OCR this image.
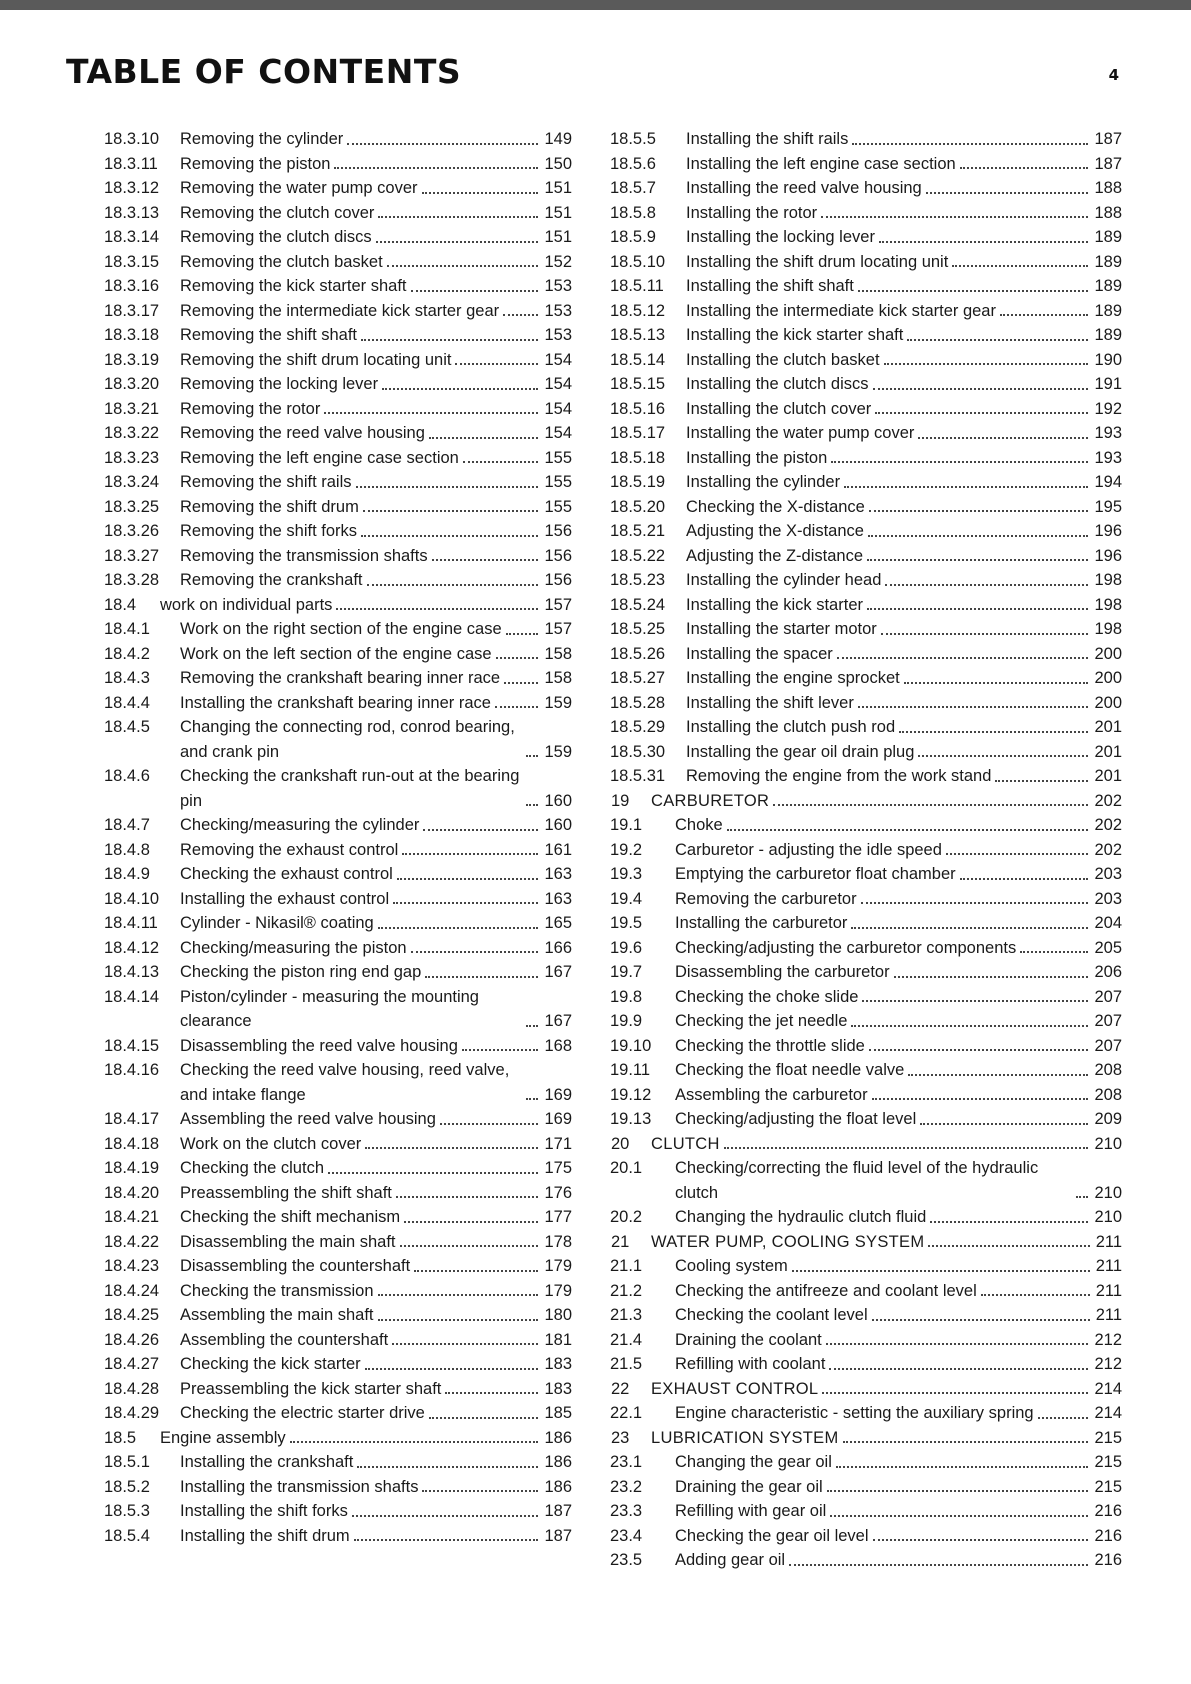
TABLE OF CONTENTS	4
18.3.10 Removing the cylinder	149
18.3.11 Removing the piston	150
18.3.12 Removing the water pump cover	151
18.3.13 Removing the clutch cover	151
18.3.14 Removing the clutch discs	151
18.3.15 Removing the clutch basket	152
18.3.16 Removing the kick starter shaft	153
18.3.17 Removing the intermediate kick starter gear	153
18.3.18 Removing the shift shaft	153
18.3.19 Removing the shift drum locating unit	154
18.3.20 Removing the locking lever	154
18.3.21 Removing the rotor	154
18.3.22 Removing the reed valve housing	154
18.3.23 Removing the left engine case section	155
18.3.24 Removing the shift rails	155
18.3.25 Removing the shift drum	155
18.3.26 Removing the shift forks	156
18.3.27 Removing the transmission shafts	156
18.3.28 Removing the crankshaft	156
18.4 work on individual parts	157
18.4.1 Work on the right section of the engine case	157
18.4.2 Work on the left section of the engine case	158
18.4.3 Removing the crankshaft bearing inner race	158
18.4.4 Installing the crankshaft bearing inner race	159
18.4.5 Changing the connecting rod, conrod bearing, and crank pin	159
18.4.6 Checking the crankshaft run-out at the bearing pin	160
18.4.7 Checking/measuring the cylinder	160
18.4.8 Removing the exhaust control	161
18.4.9 Checking the exhaust control	163
18.4.10 Installing the exhaust control	163
18.4.11 Cylinder - Nikasil® coating	165
18.4.12 Checking/measuring the piston	166
18.4.13 Checking the piston ring end gap	167
18.4.14 Piston/cylinder - measuring the mounting clearance	167
18.4.15 Disassembling the reed valve housing	168
18.4.16 Checking the reed valve housing, reed valve, and intake flange	169
18.4.17 Assembling the reed valve housing	169
18.4.18 Work on the clutch cover	171
18.4.19 Checking the clutch	175
18.4.20 Preassembling the shift shaft	176
18.4.21 Checking the shift mechanism	177
18.4.22 Disassembling the main shaft	178
18.4.23 Disassembling the countershaft	179
18.4.24 Checking the transmission	179
18.4.25 Assembling the main shaft	180
18.4.26 Assembling the countershaft	181
18.4.27 Checking the kick starter	183
18.4.28 Preassembling the kick starter shaft	183
18.4.29 Checking the electric starter drive	185
18.5 Engine assembly	186
18.5.1 Installing the crankshaft	186
18.5.2 Installing the transmission shafts	186
18.5.3 Installing the shift forks	187
18.5.4 Installing the shift drum	187
18.5.5 Installing the shift rails	187
18.5.6 Installing the left engine case section	187
18.5.7 Installing the reed valve housing	188
18.5.8 Installing the rotor	188
18.5.9 Installing the locking lever	189
18.5.10 Installing the shift drum locating unit	189
18.5.11 Installing the shift shaft	189
18.5.12 Installing the intermediate kick starter gear	189
18.5.13 Installing the kick starter shaft	189
18.5.14 Installing the clutch basket	190
18.5.15 Installing the clutch discs	191
18.5.16 Installing the clutch cover	192
18.5.17 Installing the water pump cover	193
18.5.18 Installing the piston	193
18.5.19 Installing the cylinder	194
18.5.20 Checking the X-distance	195
18.5.21 Adjusting the X-distance	196
18.5.22 Adjusting the Z-distance	196
18.5.23 Installing the cylinder head	198
18.5.24 Installing the kick starter	198
18.5.25 Installing the starter motor	198
18.5.26 Installing the spacer	200
18.5.27 Installing the engine sprocket	200
18.5.28 Installing the shift lever	200
18.5.29 Installing the clutch push rod	201
18.5.30 Installing the gear oil drain plug	201
18.5.31 Removing the engine from the work stand	201
19 CARBURETOR	202
19.1 Choke	202
19.2 Carburetor - adjusting the idle speed	202
19.3 Emptying the carburetor float chamber	203
19.4 Removing the carburetor	203
19.5 Installing the carburetor	204
19.6 Checking/adjusting the carburetor components	205
19.7 Disassembling the carburetor	206
19.8 Checking the choke slide	207
19.9 Checking the jet needle	207
19.10 Checking the throttle slide	207
19.11 Checking the float needle valve	208
19.12 Assembling the carburetor	208
19.13 Checking/adjusting the float level	209
20 CLUTCH	210
20.1 Checking/correcting the fluid level of the hydraulic clutch	210
20.2 Changing the hydraulic clutch fluid	210
21 WATER PUMP, COOLING SYSTEM	211
21.1 Cooling system	211
21.2 Checking the antifreeze and coolant level	211
21.3 Checking the coolant level	211
21.4 Draining the coolant	212
21.5 Refilling with coolant	212
22 EXHAUST CONTROL	214
22.1 Engine characteristic - setting the auxiliary spring	214
23 LUBRICATION SYSTEM	215
23.1 Changing the gear oil	215
23.2 Draining the gear oil	215
23.3 Refilling with gear oil	216
23.4 Checking the gear oil level	216
23.5 Adding gear oil	216
